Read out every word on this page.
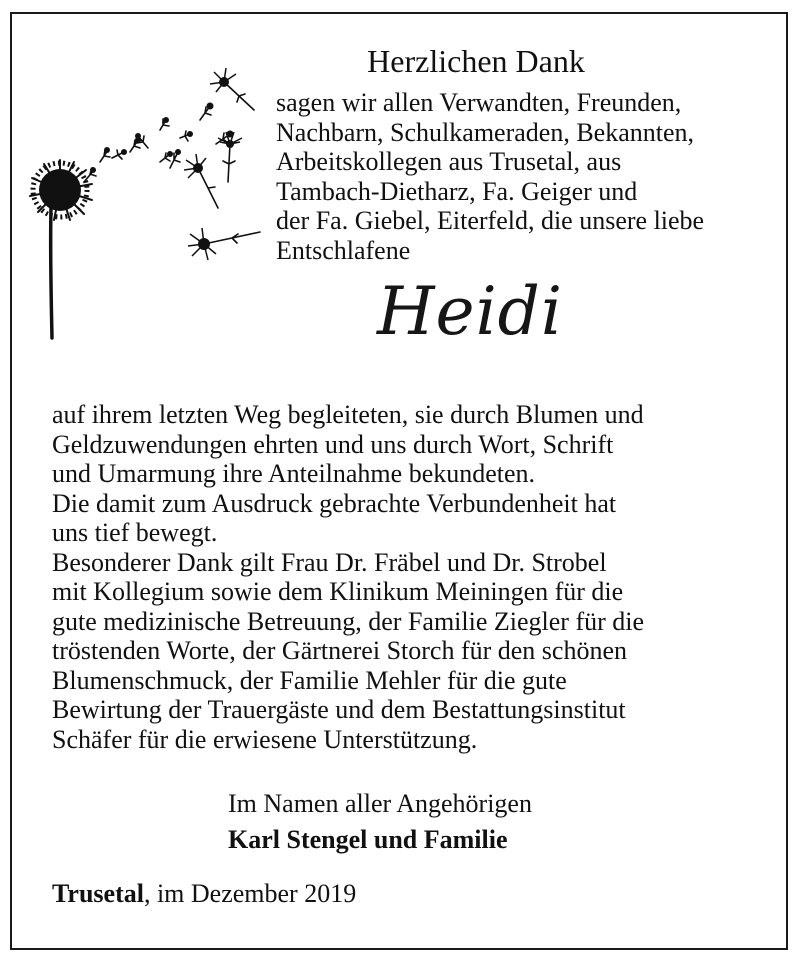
Herzlichen Dank
sagen wir allen Verwandten, Freunden,
Nachbarn, Schulkameraden, Bekannten,
Arbeitskollegen aus Trusetal, aus
Tambach-Dietharz, Fa. Geiger und
der Fa. Giebel, Eiterfeld, die unsere liebe
Entschlafene
Heidi
auf ihrem letzten Weg begleiteten, sie durch Blumen und
Geldzuwendungen ehrten und uns durch Wort, Schrift
und Umarmung ihre Anteilnahme bekundeten.
Die damit zum Ausdruck gebrachte Verbundenheit hat
uns tief bewegt.
Besonderer Dank gilt Frau Dr. Fräbel und Dr. Strobel
mit Kollegium sowie dem Klinikum Meiningen für die
gute medizinische Betreuung, der Familie Ziegler für die
tröstenden Worte, der Gärtnerei Storch für den schönen
Blumenschmuck, der Familie Mehler für die gute
Bewirtung der Trauergäste und dem Bestattungsinstitut
Schäfer für die erwiesene Unterstützung.
Im Namen aller Angehörigen
Karl Stengel und Familie
Trusetal, im Dezember 2019
